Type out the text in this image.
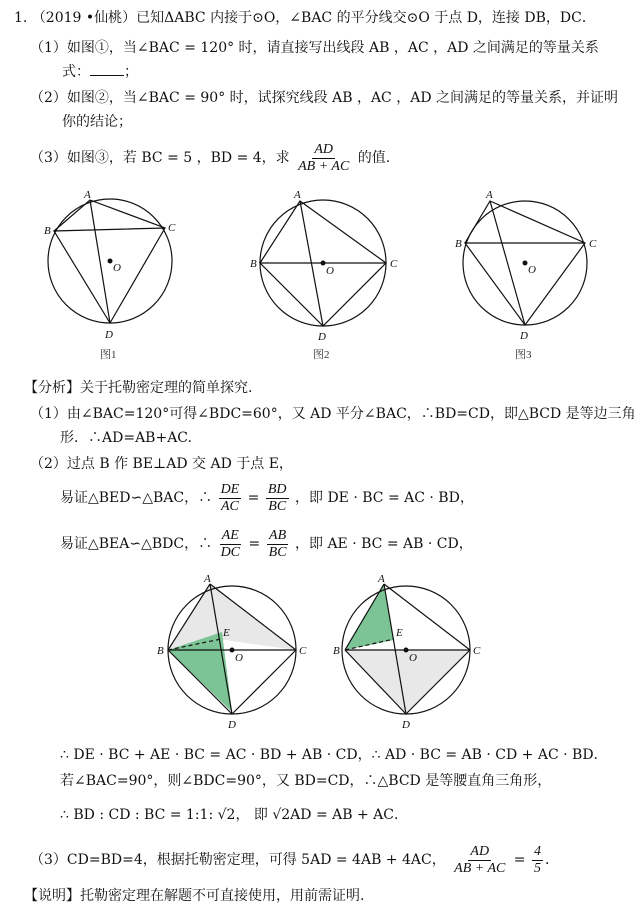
1. （2019 •仙桃）已知ΔABC 内接于⊙O，∠BAC 的平分线交⊙O 于点 D，连接 DB，DC．
（1）如图①，当∠BAC = 120° 时，请直接写出线段 AB ，AC ，AD 之间满足的等量关系
式： ；
（2）如图②，当∠BAC = 90° 时，试探究线段 AB ，AC ，AD 之间满足的等量关系，并证明
你的结论；
（3）如图③，若 BC = 5 ，BD = 4，求 $\frac{AD}{AB + AC}$ 的值.
A
B	C
D
O
A
B	C
D
O
A
B	C
D
O
图1	图2	图3
【分析】关于托勒密定理的简单探究.
（1）由∠BAC=120°可得∠BDC=60°，又 AD 平分∠BAC，∴BD=CD，即△BCD 是等边三角
形．∴AD=AB+AC.
（2）过点 B 作 BE⊥AD 交 AD 于点 E，
易证△BED∽△BAC，∴ $\frac{DE}{AC} = \frac{BD}{BC}$ ，即 DE · BC = AC · BD，
易证△BEA∽△BDC，∴ $\frac{AE}{DC} = \frac{AB}{BC}$ ，即 AE · BC = AB · CD，
A
B	C
D
E
O
A
B	C
D
E
O
∴ DE · BC + AE · BC = AC · BD + AB · CD，∴ AD · BC = AB · CD + AC · BD．
若∠BAC=90°，则∠BDC=90°，又 BD=CD，∴△BCD 是等腰直角三角形，
∴ BD : CD : BC = 1:1: √2， 即 √2AD = AB + AC．
（3）CD=BD=4，根据托勒密定理，可得 5AD = 4AB + 4AC， $\frac{AD}{AB + AC} = \frac{4}{5}$ ．
【说明】托勒密定理在解题不可直接使用，用前需证明.
